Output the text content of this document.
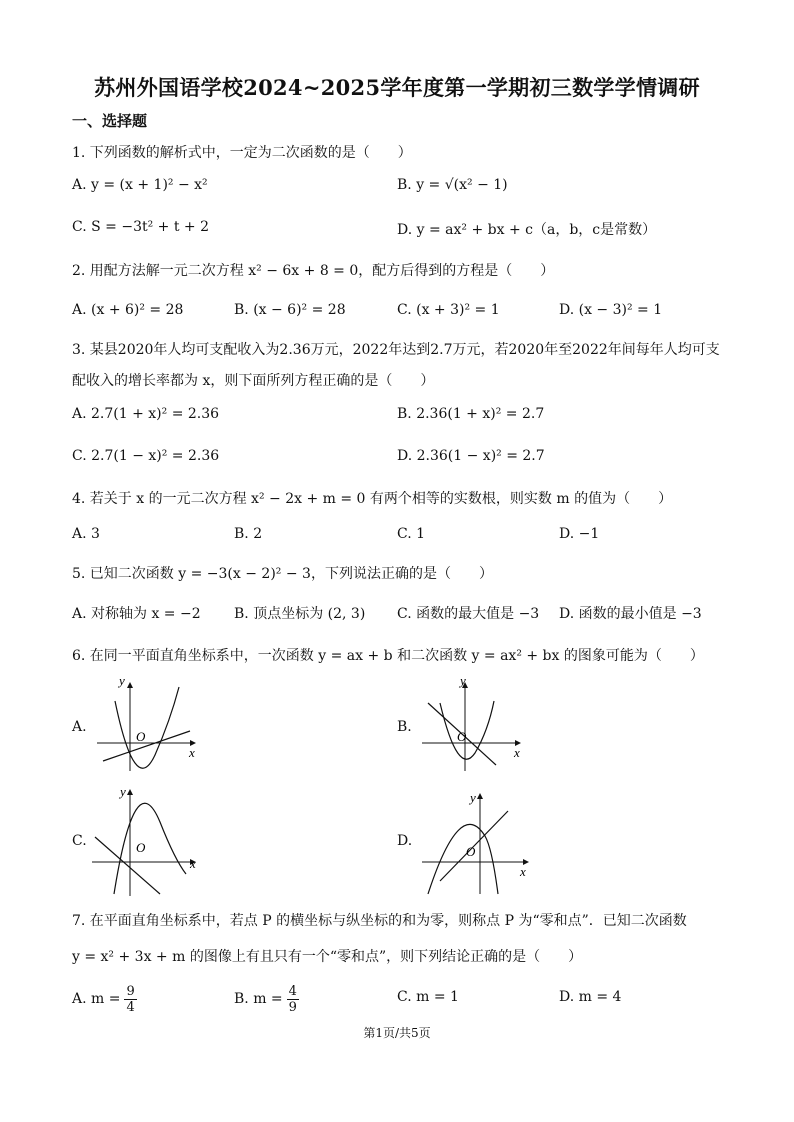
苏州外国语学校2024~2025学年度第一学期初三数学学情调研
一、选择题
1. 下列函数的解析式中，一定为二次函数的是（　　）
A. y = (x + 1)² − x²	B. y = √(x² − 1)
C. S = −3t² + t + 2	D. y = ax² + bx + c（a，b，c是常数）
2. 用配方法解一元二次方程 x² − 6x + 8 = 0，配方后得到的方程是（　　）
A. (x + 6)² = 28	B. (x − 6)² = 28	C. (x + 3)² = 1	D. (x − 3)² = 1
3. 某县2020年人均可支配收入为2.36万元，2022年达到2.7万元，若2020年至2022年间每年人均可支
配收入的增长率都为 x，则下面所列方程正确的是（　　）
A. 2.7(1 + x)² = 2.36	B. 2.36(1 + x)² = 2.7
C. 2.7(1 − x)² = 2.36	D. 2.36(1 − x)² = 2.7
4. 若关于 x 的一元二次方程 x² − 2x + m = 0 有两个相等的实数根，则实数 m 的值为（　　）
A. 3	B. 2	C. 1	D. −1
5. 已知二次函数 y = −3(x − 2)² − 3，下列说法正确的是（　　）
A. 对称轴为 x = −2 B. 顶点坐标为 (2, 3) C. 函数的最大值是 −3 D. 函数的最小值是 −3
6. 在同一平面直角坐标系中，一次函数 y = ax + b 和二次函数 y = ax² + bx 的图象可能为（　　）
A.
y
x
O
B.
y
x
O
C.
y
x
O	D.
y
x
O
7. 在平面直角坐标系中，若点 P 的横坐标与纵坐标的和为零，则称点 P 为“零和点”．已知二次函数
y = x² + 3x + m 的图像上有且只有一个“零和点”，则下列结论正确的是（　　）
A. $m = \frac{9}{4}$	B. $m = \frac{4}{9}$	C. m = 1	D. m = 4
第1页/共5页
